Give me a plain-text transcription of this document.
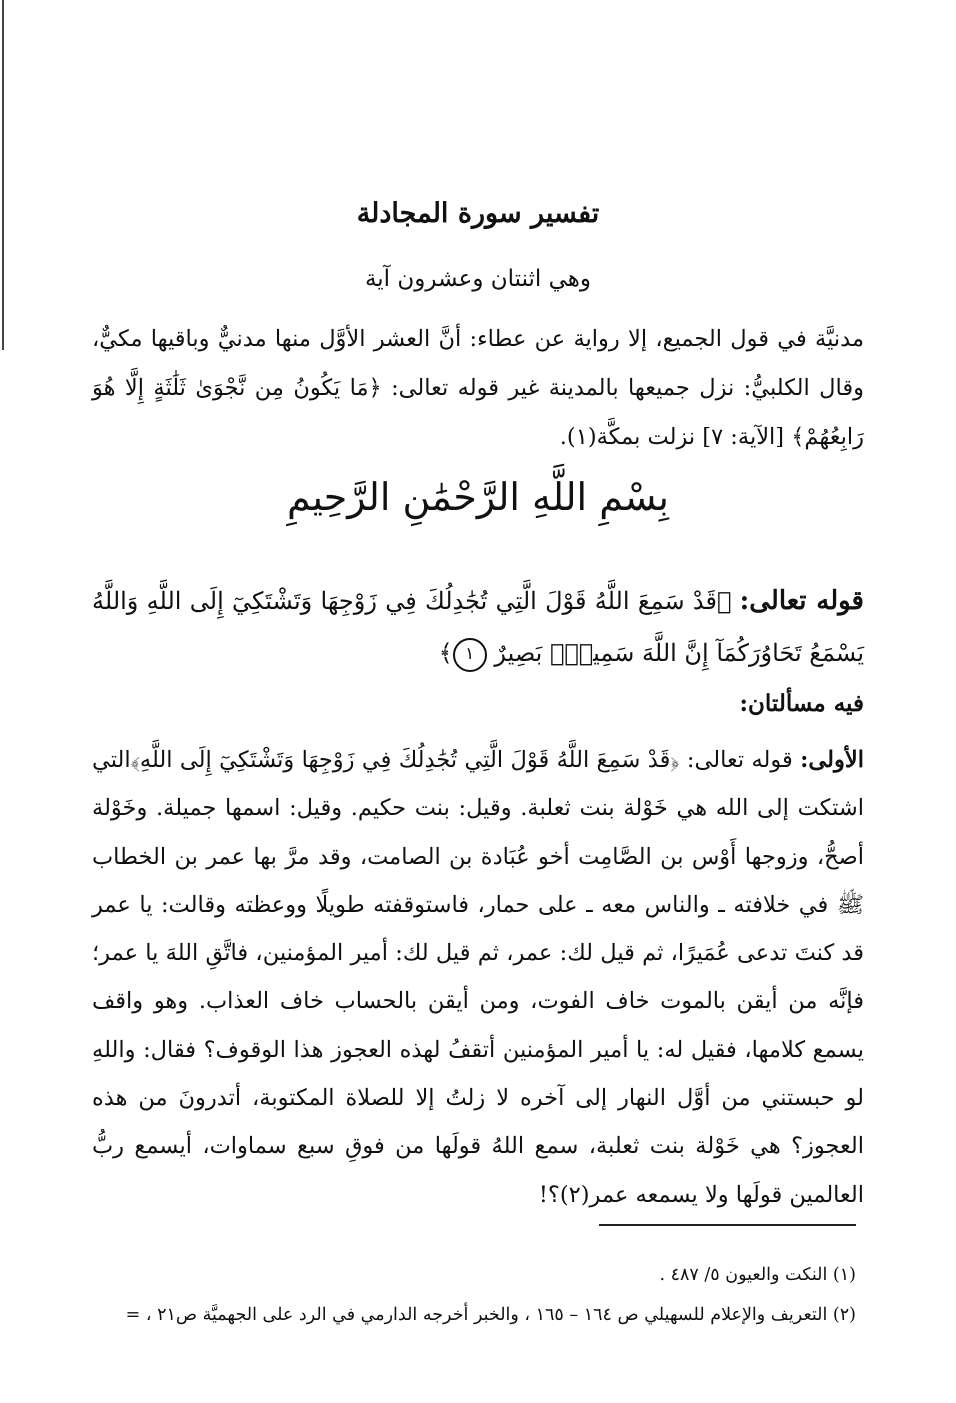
تفسير سورة المجادلة
وهي اثنتان وعشرون آية
مدنيَّة في قول الجميع، إلا رواية عن عطاء: أنَّ العشر الأوَّل منها مدنيٌّ وباقيها مكيٌّ، وقال الكلبيُّ: نزل جميعها بالمدينة غير قوله تعالى: ﴿مَا يَكُونُ مِن نَّجْوَىٰ ثَلَٰثَةٍ إِلَّا هُوَ رَابِعُهُمْ﴾ [الآية: ٧] نزلت بمكَّة(١).
بِسْمِ اللَّهِ الرَّحْمَٰنِ الرَّحِيمِ
قوله تعالى: ﴿قَدْ سَمِعَ اللَّهُ قَوْلَ الَّتِي تُجَٰدِلُكَ فِي زَوْجِهَا وَتَشْتَكِيٓ إِلَى اللَّهِ وَاللَّهُ يَسْمَعُ تَحَاوُرَكُمَآ إِنَّ اللَّهَ سَمِيعٌۢ بَصِيرٌ ١﴾
فيه مسألتان:
الأولى: قوله تعالى: ﴿قَدْ سَمِعَ اللَّهُ قَوْلَ الَّتِي تُجَٰدِلُكَ فِي زَوْجِهَا وَتَشْتَكِيٓ إِلَى اللَّهِ﴾التي اشتكت إلى الله هي خَوْلة بنت ثعلبة. وقيل: بنت حكيم. وقيل: اسمها جميلة. وخَوْلة أصحُّ، وزوجها أَوْس بن الصَّامِت أخو عُبَادة بن الصامت، وقد مرَّ بها عمر بن الخطاب ﷺ في خلافته ـ والناس معه ـ على حمار، فاستوقفته طويلًا ووعظته وقالت: يا عمر قد كنتَ تدعى عُمَيرًا، ثم قيل لك: عمر، ثم قيل لك: أمير المؤمنين، فاتَّقِ اللهَ يا عمر؛ فإنَّه من أيقن بالموت خاف الفوت، ومن أيقن بالحساب خاف العذاب. وهو واقف يسمع كلامها، فقيل له: يا أمير المؤمنين أتقفُ لهذه العجوز هذا الوقوف؟ فقال: واللهِ لو حبستني من أوَّل النهار إلى آخره لا زلتُ إلا للصلاة المكتوبة، أتدرونَ من هذه العجوز؟ هي خَوْلة بنت ثعلبة، سمع اللهُ قولَها من فوقِ سبع سماوات، أيسمع ربُّ العالمين قولَها ولا يسمعه عمر(٢)؟!
(١) النكت والعيون ٥/ ٤٨٧ .
(٢) التعريف والإعلام للسهيلي ص ١٦٤ – ١٦٥ ، والخبر أخرجه الدارمي في الرد على الجهميَّة ص٢١ ، =
